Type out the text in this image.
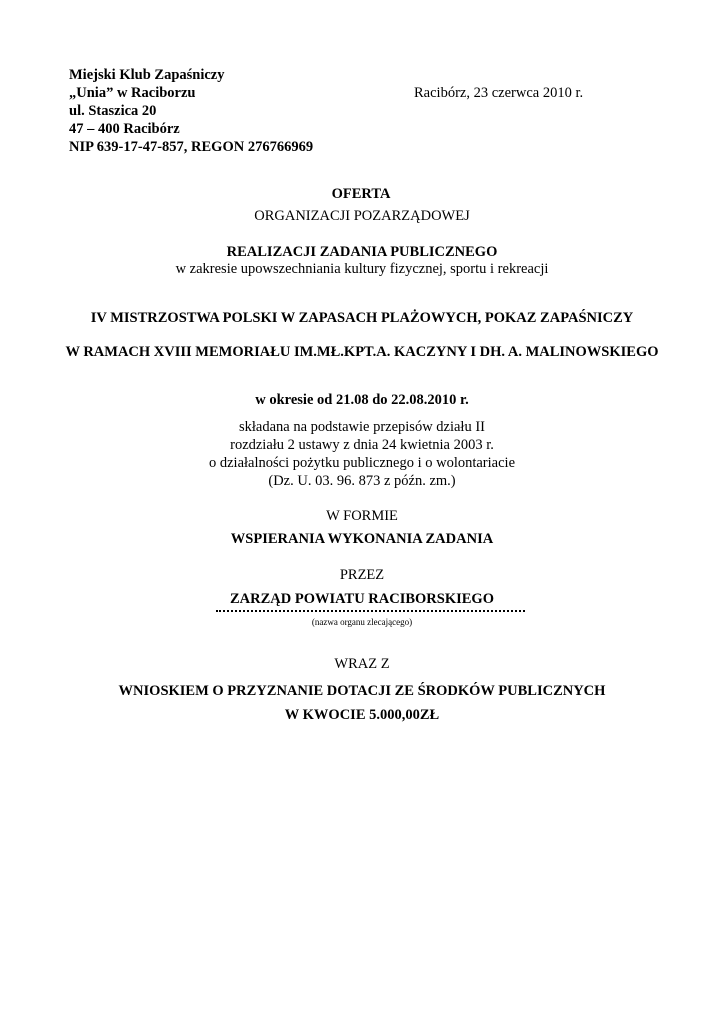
Miejski Klub Zapaśniczy
„Unia” w Raciborzu
ul. Staszica 20
47 – 400 Racibórz
NIP 639-17-47-857, REGON 276766969
Racibórz, 23 czerwca 2010 r.
OFERTA
ORGANIZACJI POZARZĄDOWEJ
REALIZACJI ZADANIA PUBLICZNEGO
w zakresie upowszechniania kultury fizycznej, sportu i rekreacji
IV MISTRZOSTWA POLSKI W ZAPASACH PLAŻOWYCH, POKAZ ZAPAŚNICZY
W RAMACH XVIII MEMORIAŁU IM.MŁ.KPT.A. KACZYNY I DH. A. MALINOWSKIEGO
w okresie od 21.08 do 22.08.2010 r.
składana na podstawie przepisów działu II
rozdziału 2 ustawy z dnia 24 kwietnia 2003 r.
o działalności pożytku publicznego i o wolontariacie
(Dz. U. 03. 96. 873 z późn. zm.)
W FORMIE
WSPIERANIA WYKONANIA ZADANIA
PRZEZ
ZARZĄD POWIATU RACIBORSKIEGO
(nazwa organu zlecającego)
WRAZ Z
WNIOSKIEM O PRZYZNANIE DOTACJI ZE ŚRODKÓW PUBLICZNYCH
W KWOCIE 5.000,00ZŁ
